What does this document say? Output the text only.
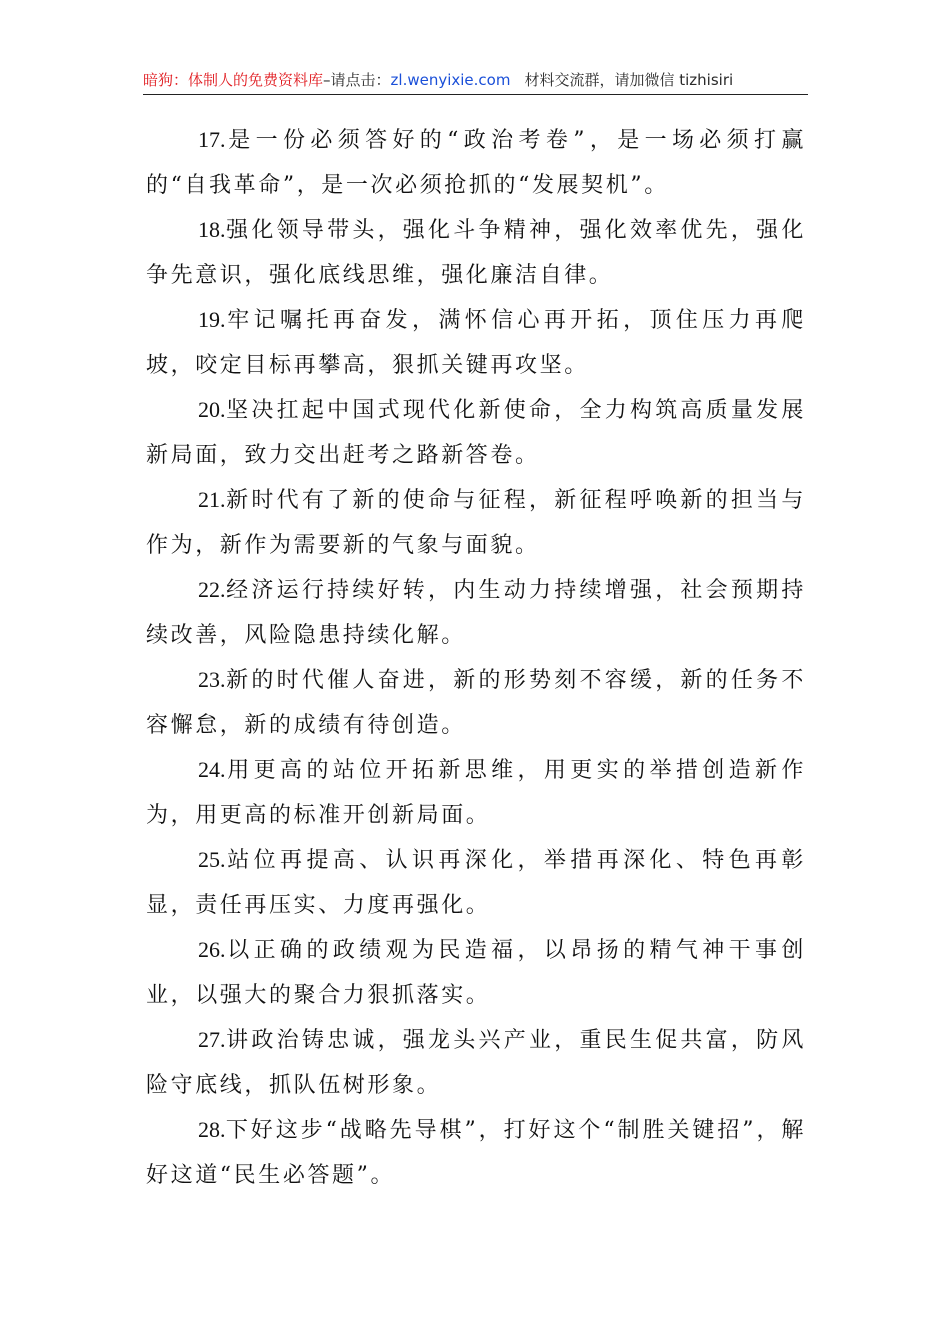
暗狗：体制人的免费资料库–请点击：zl.wenyixie.com 材料交流群，请加微信 tizhisiri

17.是一份必须答好的“政治考卷”，是一场必须打赢的“自我革命”，是一次必须抢抓的“发展契机”。

18.强化领导带头，强化斗争精神，强化效率优先，强化争先意识，强化底线思维，强化廉洁自律。

19.牢记嘱托再奋发，满怀信心再开拓，顶住压力再爬坡，咬定目标再攀高，狠抓关键再攻坚。

20.坚决扛起中国式现代化新使命，全力构筑高质量发展新局面，致力交出赶考之路新答卷。

21.新时代有了新的使命与征程，新征程呼唤新的担当与作为，新作为需要新的气象与面貌。

22.经济运行持续好转，内生动力持续增强，社会预期持续改善，风险隐患持续化解。

23.新的时代催人奋进，新的形势刻不容缓，新的任务不容懈怠，新的成绩有待创造。

24.用更高的站位开拓新思维，用更实的举措创造新作为，用更高的标准开创新局面。

25.站位再提高、认识再深化，举措再深化、特色再彰显，责任再压实、力度再强化。

26.以正确的政绩观为民造福，以昂扬的精气神干事创业，以强大的聚合力狠抓落实。

27.讲政治铸忠诚，强龙头兴产业，重民生促共富，防风险守底线，抓队伍树形象。

28.下好这步“战略先导棋”，打好这个“制胜关键招”，解好这道“民生必答题”。
